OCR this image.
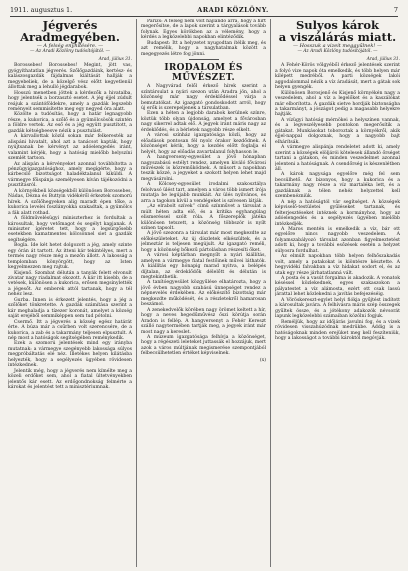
1911. augusztus 1.	ARADI KÖZLÖNY.	7
Jégverés Aradmegyében.

— A felség enyhítésére. —

— Az Aradi Közlöny tudósítójától. —

Arad, július 31.

Borossebes! Borossebes! Megint, jött vas, gyógyíthatatlan jégverés. Szőlőgazdáink, kertész- és kalászosgazdák fájdalmas kiáltását hallják a megyebeliek, de a közelgő vész előtt kegyetlenül állottak meg a lehulló jégdarabok.

Hosszú menetben jöttek a kérdezők a hivatalba, hogy jelentsék a borzasztó esetet. A jég éjjel zúdult reájuk a szántóföldekre, amely a gazdák legszebb reményeit semmisítette meg egy negyed óra alatt.

Közölte a tudósítás, hogy a határ legnagyobb része, a kukorica, a szőlő és a gyümölcsösök szintén a földre vertek. Az eső és a jég együtt pusztított, a gazdák kétségbeesve nézik a pusztulást.

A kárvallottak közül sokan már felkeresték az alispáni hivatalt, ahol azt a tanácsot kapták, hogy nyújtsanak be kérvényt az adóelengedés iránt, valamint kérjék, hogy a hatóság mielőbb helyszíni szemlét tartson.

Az alispán a kérvényeket azonnal továbbította a pénzügyigazgatósághoz, amely megígérte, hogy a kárbecslő bizottságot haladéktalanul kiküldi. A vármegye főispánja személyesen kíván tájékozódni a pusztításról.

A környékbeli községekből különösen Borossebes, Nádas, Dézna és Buttyin vidékéről érkeztek szomorú hírek. A szőlőhegyeken alig maradt épen tőke, a kukorica levelei foszlányokká szakadtak, a gyümölcs a fák alatt rothad.

A földművelésügyi miniszterhez is fordultak a károsultak, hogy vetőmagot és segélyt kapjanak. A miniszter ígéretet tett, hogy a legsürgősebb esetekben kamatmentes kölcsönnel siet a gazdák segítségére.

Bogla. Ide két hetet dolgozott a jég, amely szinte egy órán át tartott. Az itteni kár tekintélyes, mert a termés nagy része még a mezőn állott. A lakosság a templomban könyörgött, hogy az Isten kegyelmezzen meg rajtuk.

Kisjenő. Szombat délután a tanyák felett elvonult zivatar nagy riadalmat okozott. A kár itt kisebb, de a vetések, különösen a kukorica, erősen megsínylették a jégesőt. Az emberek attól tartanak, hogy a tél nehéz lesz.

Gurba. Innen is érkezett jelentés, hogy a jég a szőlőket tönkretette. A gazdák számítása szerint a kár meghaladja a tízezer koronát, amelyet a község saját erejéből semmiképpen sem tud pótolni.

Csermő. Itt a jégverés a község egész határát érte. A búza már a csűrben volt szerencsére, de a kukorica, a zab és a takarmány teljesen elpusztult. A nép most a hatóságok segítségében reménykedik.

Ezek a szomorú jelentések mind egy irányba mutatnak: a vármegye szegényebb lakossága súlyos megpróbáltatás elé néz. Illetékes helyen kilátásba helyezték, hogy a segélyezés ügyében rövidesen intézkednek.

Jelentik még, hogy a jégverés nem kímélte meg a közeli erdőket sem, ahol a fiatal ültetvényekben jelentős kár esett. Az erdőgondnokság felmérte a károkat és jelentést tett a minisztériumnak.

Párizs: A felség nem volt hajlandó arra, hogy a hírt megerősítse, de a lapok szerint a tárgyalások tovább folynak. Egyes körökben az a vélemény, hogy a kérdés a legközelebbi napokban elintéződik.

Budapest: Itt a helyzetet nyugodtan ítélik meg, és azt remélik, hogy a nagyhatalmak között a megegyezés létre fog jönni.

IRODALOM ÉS MŰVÉSZET.

A Nagyvárad felől érkező hírek szerint a színtársulat a nyári szezon után Aradra jön, ahol a közönség már nagy érdeklődéssel várja a bemutatókat. Az igazgató gondoskodott arról, hogy új erők is szerepeljenek a társulatban.

Ezen a héten a legjobb darabok kerülnek színre, köztük több olyan újdonság, amelyet a fővárosban nagy sikerrel adtak elő. A jegyek iránt máris nagy az érdeklődés, és a bérletek nagyobb része elkelt.

A városi színház igazgatósága közli, hogy az előadások pontosan fél nyolc órakor kezdődnek. A közönséget kérik, hogy a kezdés előtt foglalja el helyét, hogy az előadás zavartalanul folyhasson le.

A hangverseny-egyesület a jövő hónapban nagyszabású estélyt rendez, amelyen kiváló fővárosi művészek is közreműködnek. A műsort a napokban teszik közzé, a jegyeket a szokott helyen lehet majd megvásárolni.

A Kölcsey-egyesület irodalmi szakosztálya felolvasó ülést tart, amelyen a város több ismert írója mutatja be legújabb munkáit. Az ülés nyilvános, és arra a tagokon kívül a vendégeket is szívesen látják.

„Az elrabolt szívek” című színművet a társulat a múlt héten adta elő, és a kritika egyhangúlag elismeréssel szólt róla. A főszereplők játéka különösen tetszett, a közönség többször is nyílt színen tapsolt.

A jövő szezonra a társulat már most megkezdte az előkészületeket. Az új díszletek elkészültek, és a jelmeztár is teljesen megújult. Az igazgató reméli, hogy a közönség bőkezű pártolásban részesíti őket.

A városi képtárban megnyílt a nyári kiállítás, amelyen a vármegye fiatal festőinek művei láthatók. A kiállítás egy hónapig marad nyitva, a belépés díjtalan, az érdeklődők délelőtt és délután is megtekinthetik.

A tanítóegyesület közgyűlése elhatározta, hogy a jövő évben nagyobb szabású ünnepséget rendez a népnevelés érdekében. Az előkészítő bizottság már megkezdte működését, és a részletekről hamarosan beszámol.

A zenekedvelők körében nagy örömet keltett a hír, hogy a neves hegedűművész őszi körútja során Aradon is fellép. A hangversenyt a Fehér Kereszt szálló nagytermében tartják meg, a jegyek iránt már most nagy a kereslet.

A múzeum igazgatósága felhívja a közönséget, hogy a régészeti leleteket juttassák el hozzájuk, mert azok a város múltjának megismerése szempontjából felbecsülhetetlen értéket képviselnek.

(x)
Sulyos károk
a viszálárás miatt.

— Hosszuk a vizeit meggyűlnek! —

— Az Aradi Közlöny tudósítójától. —

Arad, július 31.

A Fehér-Körös völgyéből érkező jelentések szerint a folyó vize napok óta emelkedik, és több helyen már kilépett medréből. A parti községek lakói aggodalommal nézik a víz áradását, mert a gátak sok helyen gyengék.

Különösen Borosjenő és Kisjenő környékén nagy a veszedelem, ahol a víz a legelőket és a kaszálókat már elborította. A gazdák sietve hordják biztonságba a takarmányt, a jószágot pedig a magasabb helyekre hajtják.

A vízügyi hatóság mérnökei a helyszínen vannak, és a legveszélyesebb pontokon megerősítik a gátakat. Munkásokat toboroztak a környékről, akik éjjel-nappal dolgoznak, hogy a nagyobb bajt elhárítsák.

A vármegye alispánja rendeletet adott ki, amely szerint a községek elöljárói kötelesek állandó őrséget tartani a gátakon, és minden veszedelmet azonnal jelenteni a hatóságnak. A csendőrség is készenlétben áll.

A károk nagysága egyelőre még fel sem becsülhető. Az bizonyos, hogy a kukorica és a takarmány nagy része a víz martaléka lett, és a gazdáknak a télen nehéz helyzettel kell szembenézniük.

A nép a hatóságtól vár segítséget. A községek képviselő-testületei gyűléseket tartanak, és felterjesztéseket intéznek a kormányhoz, hogy az adóelengedés és a segélyezés ügyében mielőbb intézkedjék.

A Maros mentén is emelkedik a víz, bár ott egyelőre nincs nagyobb veszedelem. A folyamszabályozó társulat azonban figyelmeztetést adott ki, hogy a további esőzések esetén a helyzet súlyosra fordulhat.

Az elmúlt napokban több helyen felhőszakadás volt, amely a patakokat is kiöntésre késztette. A hegyvidéki falvakban a víz hidakat sodort el, és az utak egy része járhatatlanná vált.

A posta és a vasút forgalma is akadozik. A vonatok késéssel közlekednek, egyes szakaszokon a pályatestet a víz alámosta, ezért ott csak lassú járattal lehet közlekedni a javítás befejezéséig.

A Vöröskereszt-egylet helyi fiókja gyűjtést indított a károsultak javára. A felhívásra máris szép összegek gyűltek össze, és a jótékony adakozók névsorát lapunk legközelebbi számaiban közölni fogjuk.

Reméljük, hogy az időjárás javulni fog, és a vizek rövidesen visszahúzódnak medrükbe. Addig is a hatóságoknak minden erejüket meg kell feszíteniük, hogy a lakosságot a további károktól megóvják.
